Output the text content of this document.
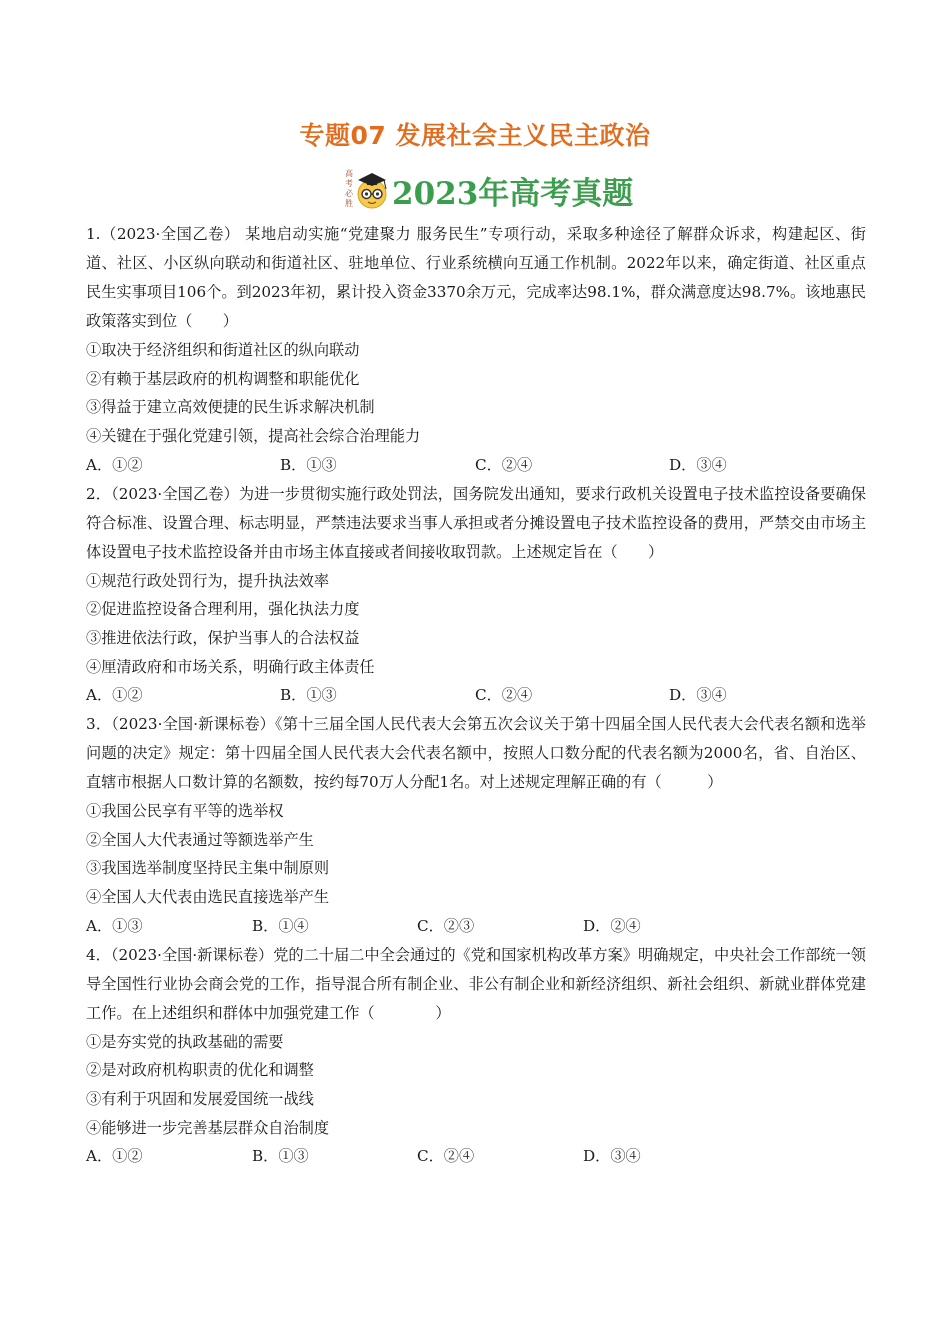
专题07 发展社会主义民主政治
高
考
必
胜 2023年高考真题

1.（2023·全国乙卷） 某地启动实施“党建聚力 服务民生”专项行动，采取多种途径了解群众诉求，构建起区、街道、社区、小区纵向联动和街道社区、驻地单位、行业系统横向互通工作机制。2022年以来，确定街道、社区重点民生实事项目106个。到2023年初，累计投入资金3370余万元，完成率达98.1%，群众满意度达98.7%。该地惠民政策落实到位（　　）

①取决于经济组织和街道社区的纵向联动

②有赖于基层政府的机构调整和职能优化

③得益于建立高效便捷的民生诉求解决机制

④关键在于强化党建引领，提高社会综合治理能力

A．①②	B．①③	C．②④	D．③④

2．（2023·全国乙卷）为进一步贯彻实施行政处罚法，国务院发出通知，要求行政机关设置电子技术监控设备要确保符合标准、设置合理、标志明显，严禁违法要求当事人承担或者分摊设置电子技术监控设备的费用，严禁交由市场主体设置电子技术监控设备并由市场主体直接或者间接收取罚款。上述规定旨在（　　）

①规范行政处罚行为，提升执法效率

②促进监控设备合理利用，强化执法力度

③推进依法行政，保护当事人的合法权益

④厘清政府和市场关系，明确行政主体责任

A．①②	B．①③	C．②④	D．③④

3．（2023·全国·新课标卷）《第十三届全国人民代表大会第五次会议关于第十四届全国人民代表大会代表名额和选举问题的决定》规定：第十四届全国人民代表大会代表名额中，按照人口数分配的代表名额为2000名，省、自治区、直辖市根据人口数计算的名额数，按约每70万人分配1名。对上述规定理解正确的有（　　　）

①我国公民享有平等的选举权

②全国人大代表通过等额选举产生

③我国选举制度坚持民主集中制原则

④全国人大代表由选民直接选举产生

A．①③	B．①④	C．②③	D．②④

4．（2023·全国·新课标卷）党的二十届二中全会通过的《党和国家机构改革方案》明确规定，中央社会工作部统一领导全国性行业协会商会党的工作，指导混合所有制企业、非公有制企业和新经济组织、新社会组织、新就业群体党建工作。在上述组织和群体中加强党建工作（　　　　）

①是夯实党的执政基础的需要

②是对政府机构职责的优化和调整

③有利于巩固和发展爱国统一战线

④能够进一步完善基层群众自治制度

A．①②	B．①③	C．②④	D．③④
